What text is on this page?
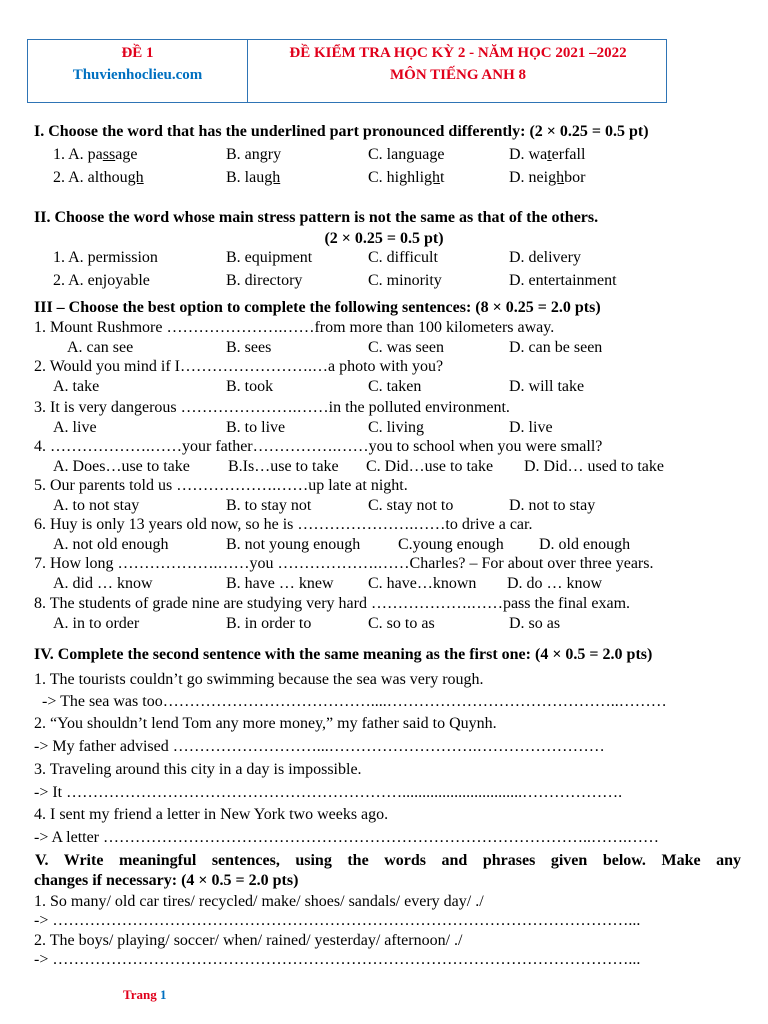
ĐỀ 1
Thuvienhoclieu.com
ĐỀ KIỂM TRA HỌC KỲ 2 - NĂM HỌC 2021 –2022
MÔN TIẾNG ANH 8
I. Choose the word that has the underlined part pronounced differently: (2 × 0.25 = 0.5 pt)
1. A. passage	B. angry	C. language	D. waterfall
2. A. although	B. laugh	C. highlight	D. neighbor
II. Choose the word whose main stress pattern is not the same as that of the others.
(2 × 0.25 = 0.5 pt)
1. A. permission	B. equipment	C. difficult	D. delivery
2. A. enjoyable	B. directory	C. minority	D. entertainment
III – Choose the best option to complete the following sentences: (8 × 0.25 = 2.0 pts)
1. Mount Rushmore ………………….……from more than 100 kilometers away.
A. can see	B. sees	C. was seen	D. can be seen
2. Would you mind if I…………………….…a photo with you?
A. take	B. took	C. taken	D. will take
3. It is very dangerous ………………….……in the polluted environment.
A. live	B. to live	C. living	D. live
4. ……………….……your father…………….……you to school when you were small?
A. Does…use to take B.Is…use to take C. Did…use to take D. Did… used to take
5. Our parents told us ……………….……up late at night.
A. to not stay	B. to stay not	C. stay not to	D. not to stay
6. Huy is only 13 years old now, so he is ………………….……to drive a car.
A. not old enough	B. not young enough C.young enough D. old enough
7. How long ……………….……you ……………….……Charles? – For about over three years.
A. did … know	B. have … knew C. have…known D. do … know
8. The students of grade nine are studying very hard ……………….……pass the final exam.
A. in to order	B. in order to	C. so to as	D. so as
IV. Complete the second sentence with the same meaning as the first one: (4 × 0.5 = 2.0 pts)
1. The tourists couldn’t go swimming because the sea was very rough.
-> The sea was too…………………………………....……………………………………..………
2. “You shouldn’t lend Tom any more money,” my father said to Quynh.
-> My father advised ………………………...……………………….……………………
3. Traveling around this city in a day is impossible.
-> It ………………………………………………………..............................……………….
4. I sent my friend a letter in New York two weeks ago.
-> A letter ………………………………………………………………………………..…….……
V. Write meaningful sentences, using the words and phrases given below. Make any
changes if necessary: (4 × 0.5 = 2.0 pts)
1. So many/ old car tires/ recycled/ make/ shoes/ sandals/ every day/ ./
-> ………………………………………………………………………………………………...
2. The boys/ playing/ soccer/ when/ rained/ yesterday/ afternoon/ ./
-> ………………………………………………………………………………………………...
Trang 1
